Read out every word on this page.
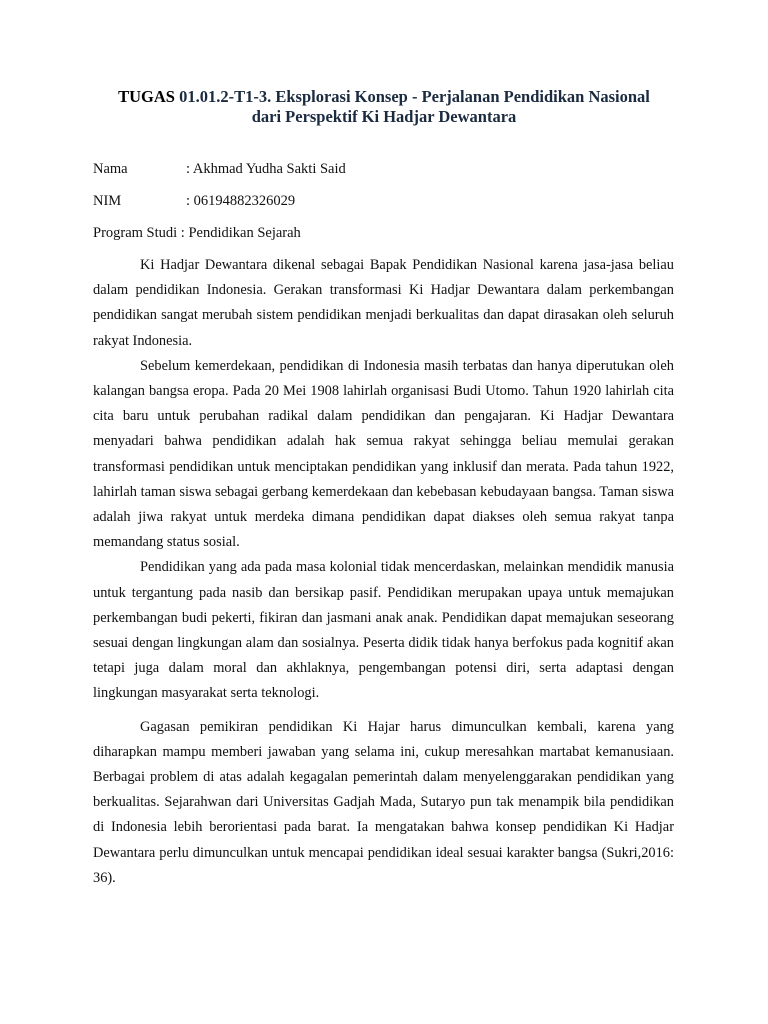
TUGAS 01.01.2-T1-3. Eksplorasi Konsep - Perjalanan Pendidikan Nasional
dari Perspektif Ki Hadjar Dewantara
Nama	: Akhmad Yudha Sakti Said
NIM	: 06194882326029
Program Studi : Pendidikan Sejarah

Ki Hadjar Dewantara dikenal sebagai Bapak Pendidikan Nasional karena jasa-jasa beliau dalam pendidikan Indonesia. Gerakan transformasi Ki Hadjar Dewantara dalam perkembangan pendidikan sangat merubah sistem pendidikan menjadi berkualitas dan dapat dirasakan oleh seluruh rakyat Indonesia.

Sebelum kemerdekaan, pendidikan di Indonesia masih terbatas dan hanya diperutukan oleh kalangan bangsa eropa. Pada 20 Mei 1908 lahirlah organisasi Budi Utomo. Tahun 1920 lahirlah cita cita baru untuk perubahan radikal dalam pendidikan dan pengajaran. Ki Hadjar Dewantara menyadari bahwa pendidikan adalah hak semua rakyat sehingga beliau memulai gerakan transformasi pendidikan untuk menciptakan pendidikan yang inklusif dan merata. Pada tahun 1922, lahirlah taman siswa sebagai gerbang kemerdekaan dan kebebasan kebudayaan bangsa. Taman siswa adalah jiwa rakyat untuk merdeka dimana pendidikan dapat diakses oleh semua rakyat tanpa memandang status sosial.

Pendidikan yang ada pada masa kolonial tidak mencerdaskan, melainkan mendidik manusia untuk tergantung pada nasib dan bersikap pasif. Pendidikan merupakan upaya untuk memajukan perkembangan budi pekerti, fikiran dan jasmani anak anak. Pendidikan dapat memajukan seseorang sesuai dengan lingkungan alam dan sosialnya. Peserta didik tidak hanya berfokus pada kognitif akan tetapi juga dalam moral dan akhlaknya, pengembangan potensi diri, serta adaptasi dengan lingkungan masyarakat serta teknologi.

Gagasan pemikiran pendidikan Ki Hajar harus dimunculkan kembali, karena yang diharapkan mampu memberi jawaban yang selama ini, cukup meresahkan martabat kemanusiaan. Berbagai problem di atas adalah kegagalan pemerintah dalam menyelenggarakan pendidikan yang berkualitas. Sejarahwan dari Universitas Gadjah Mada, Sutaryo pun tak menampik bila pendidikan di Indonesia lebih berorientasi pada barat. Ia mengatakan bahwa konsep pendidikan Ki Hadjar Dewantara perlu dimunculkan untuk mencapai pendidikan ideal sesuai karakter bangsa (Sukri,2016: 36).
